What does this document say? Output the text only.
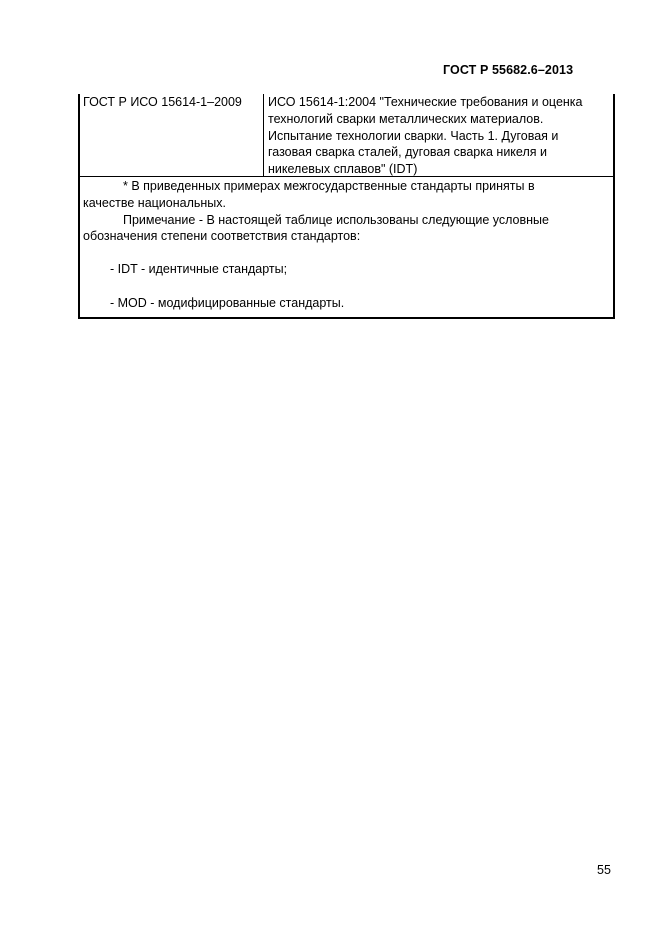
ГОСТ Р 55682.6–2013
ГОСТ Р ИСО 15614-1–2009 ИСО 15614-1:2004 "Технические требования и оценка
технологий сварки металлических материалов.
Испытание технологии сварки. Часть 1. Дуговая и
газовая сварка сталей, дуговая сварка никеля и
никелевых сплавов" (IDT)
* В приведенных примерах межгосударственные стандарты приняты в
качестве национальных.
Примечание - В настоящей таблице использованы следующие условные
обозначения степени соответствия стандартов:
- IDT - идентичные стандарты;
- MOD - модифицированные стандарты.
55
